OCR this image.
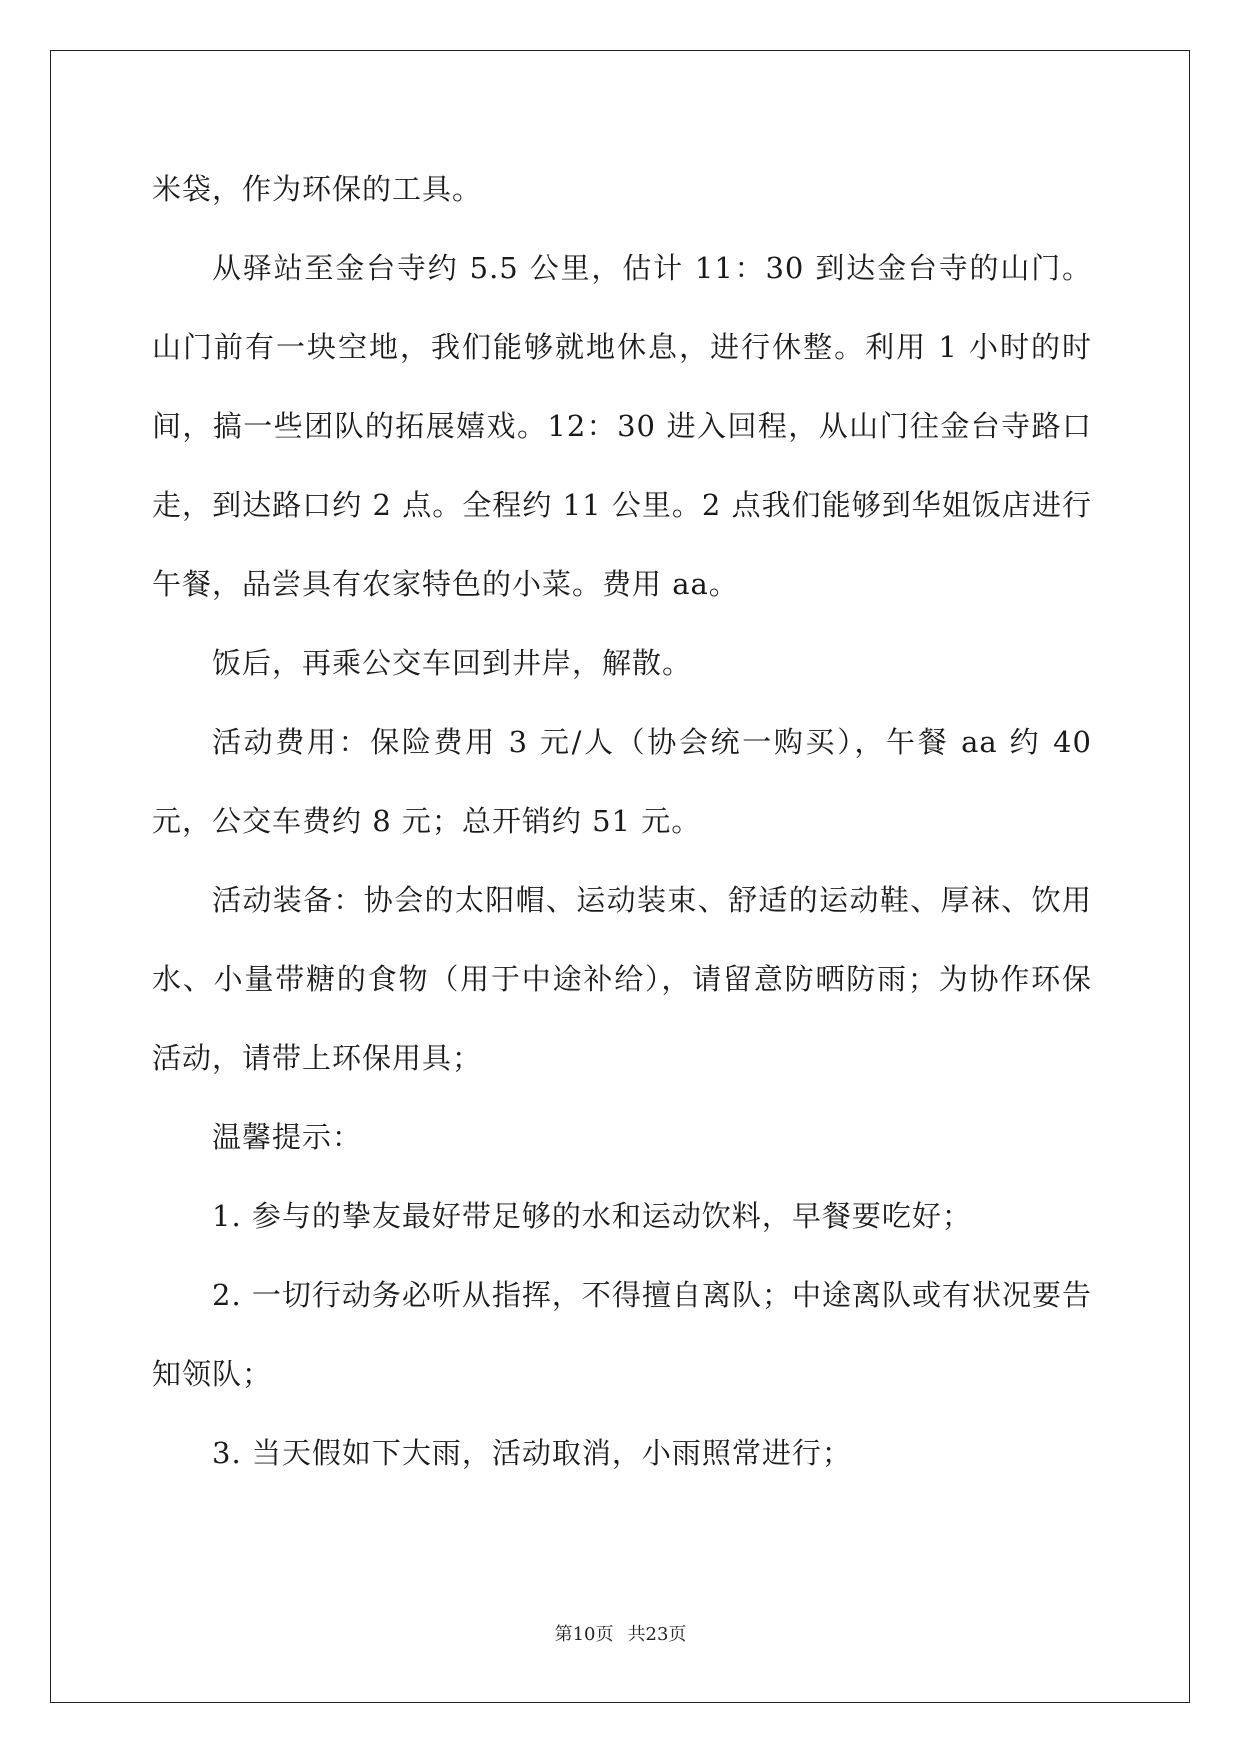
米袋，作为环保的工具。

从驿站至金台寺约 5.5 公里，估计 11：30 到达金台寺的山门。山门前有一块空地，我们能够就地休息，进行休整。利用 1 小时的时间，搞一些团队的拓展嬉戏。12：30 进入回程，从山门往金台寺路口走，到达路口约 2 点。全程约 11 公里。2 点我们能够到华姐饭店进行午餐，品尝具有农家特色的小菜。费用 aa。

饭后，再乘公交车回到井岸，解散。

活动费用：保险费用 3 元/人（协会统一购买），午餐 aa 约 40 元，公交车费约 8 元；总开销约 51 元。

活动装备：协会的太阳帽、运动装束、舒适的运动鞋、厚袜、饮用水、小量带糖的食物（用于中途补给），请留意防晒防雨；为协作环保活动，请带上环保用具；

温馨提示：

1. 参与的挚友最好带足够的水和运动饮料，早餐要吃好；

2. 一切行动务必听从指挥，不得擅自离队；中途离队或有状况要告知领队；

3. 当天假如下大雨，活动取消，小雨照常进行；

第10页 共23页
